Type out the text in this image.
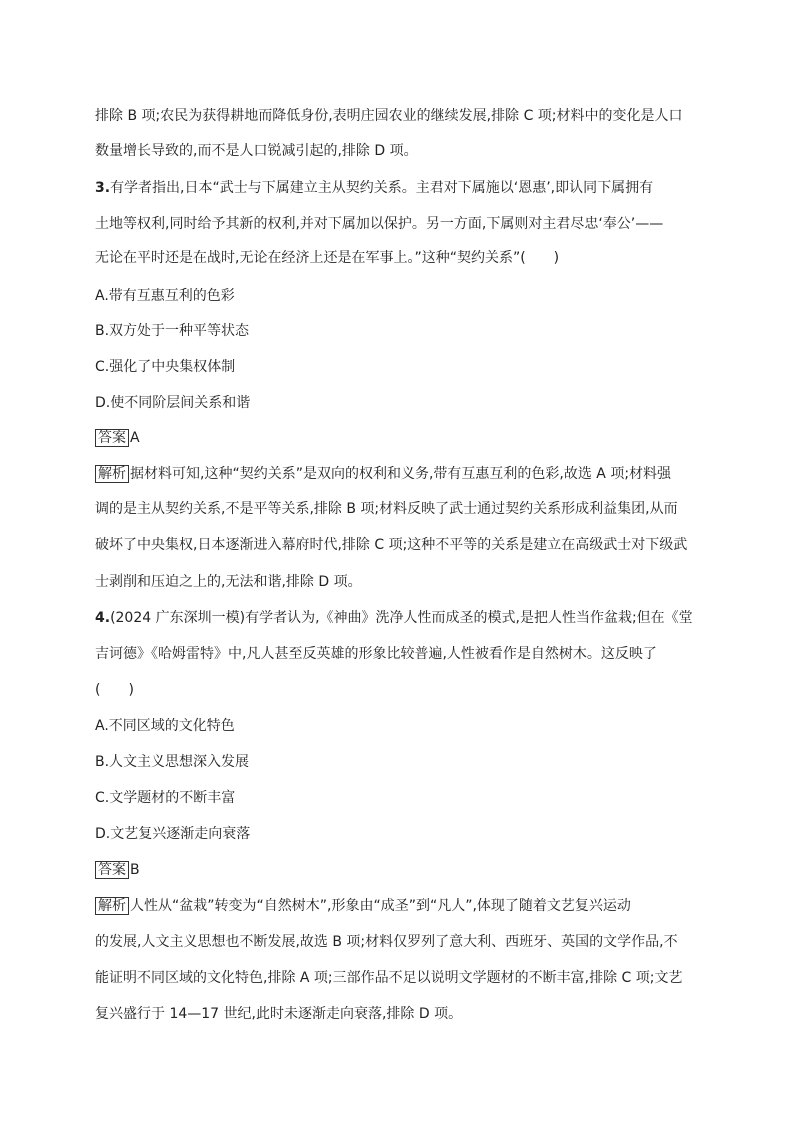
排除 B 项;农民为获得耕地而降低身份,表明庄园农业的继续发展,排除 C 项;材料中的变化是人口
数量增长导致的,而不是人口锐减引起的,排除 D 项。
3.有学者指出,日本“武士与下属建立主从契约关系。主君对下属施以‘恩惠’,即认同下属拥有
土地等权利,同时给予其新的权利,并对下属加以保护。另一方面,下属则对主君尽忠‘奉公’——
无论在平时还是在战时,无论在经济上还是在军事上。”这种“契约关系”(　　)
A.带有互惠互利的色彩
B.双方处于一种平等状态
C.强化了中央集权体制
D.使不同阶层间关系和谐
答案 A
解析 据材料可知,这种“契约关系”是双向的权利和义务,带有互惠互利的色彩,故选 A 项;材料强
调的是主从契约关系,不是平等关系,排除 B 项;材料反映了武士通过契约关系形成利益集团,从而
破坏了中央集权,日本逐渐进入幕府时代,排除 C 项;这种不平等的关系是建立在高级武士对下级武
士剥削和压迫之上的,无法和谐,排除 D 项。
4.(2024 广东深圳一模)有学者认为,《神曲》洗净人性而成圣的模式,是把人性当作盆栽;但在《堂
吉诃德》《哈姆雷特》中,凡人甚至反英雄的形象比较普遍,人性被看作是自然树木。这反映了
(　　)
A.不同区域的文化特色
B.人文主义思想深入发展
C.文学题材的不断丰富
D.文艺复兴逐渐走向衰落
答案 B
解析 人性从“盆栽”转变为“自然树木”,形象由“成圣”到“凡人”,体现了随着文艺复兴运动
的发展,人文主义思想也不断发展,故选 B 项;材料仅罗列了意大利、西班牙、英国的文学作品,不
能证明不同区域的文化特色,排除 A 项;三部作品不足以说明文学题材的不断丰富,排除 C 项;文艺
复兴盛行于 14—17 世纪,此时未逐渐走向衰落,排除 D 项。
